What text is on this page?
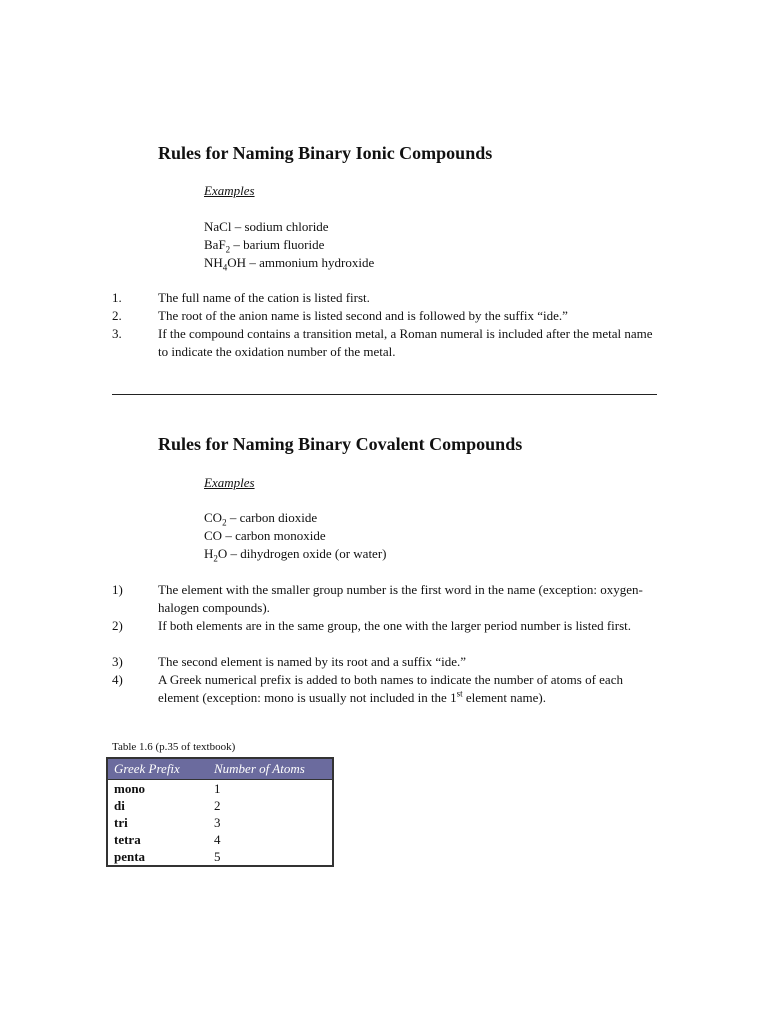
Rules for Naming Binary Ionic Compounds
Examples
NaCl – sodium chloride
BaF$_2$ – barium fluoride
$NH_4OH$ – ammonium hydroxide
1.	The full name of the cation is listed first.
2.	The root of the anion name is listed second and is followed by the suffix “ide.”
3.	If the compound contains a transition metal, a Roman numeral is included after the metal name to indicate the oxidation number of the metal.
Rules for Naming Binary Covalent Compounds
Examples
$CO_2$ – carbon dioxide
CO – carbon monoxide
$H_2O$ – dihydrogen oxide (or water)
1)	The element with the smaller group number is the first word in the name (exception: oxygen-halogen compounds).
2)	If both elements are in the same group, the one with the larger period number is listed first.
3)	The second element is named by its root and a suffix “ide.”
4)	A Greek numerical prefix is added to both names to indicate the number of atoms of each element (exception: mono is usually not included in the 1st element name).
Table 1.6 (p.35 of textbook)
Greek Prefix	Number of Atoms
mono	1
di	2
tri	3
tetra	4
penta	5
